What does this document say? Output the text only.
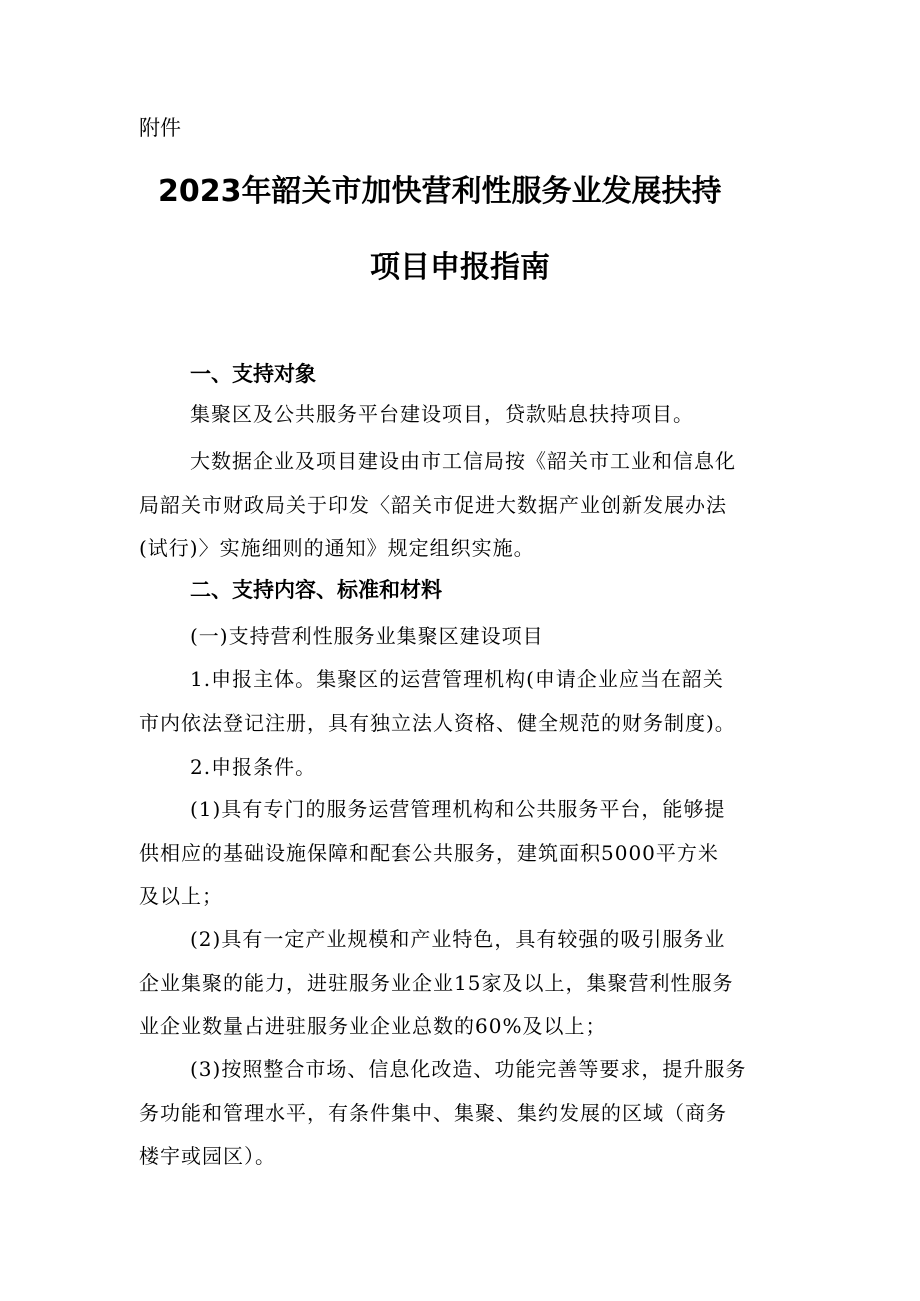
附件

2023年韶关市加快营利性服务业发展扶持
项目申报指南
一、支持对象

集聚区及公共服务平台建设项目，贷款贴息扶持项目。

大数据企业及项目建设由市工信局按《韶关市工业和信息化

局韶关市财政局关于印发〈韶关市促进大数据产业创新发展办法

(试行)〉实施细则的通知》规定组织实施。

二、支持内容、标准和材料

(一)支持营利性服务业集聚区建设项目

1.申报主体。集聚区的运营管理机构(申请企业应当在韶关

市内依法登记注册，具有独立法人资格、健全规范的财务制度)。

2.申报条件。

(1)具有专门的服务运营管理机构和公共服务平台，能够提

供相应的基础设施保障和配套公共服务，建筑面积5000平方米

及以上；

(2)具有一定产业规模和产业特色，具有较强的吸引服务业

企业集聚的能力，进驻服务业企业15家及以上，集聚营利性服务

业企业数量占进驻服务业企业总数的60%及以上；

(3)按照整合市场、信息化改造、功能完善等要求，提升服务

务功能和管理水平，有条件集中、集聚、集约发展的区域（商务

楼宇或园区）。
